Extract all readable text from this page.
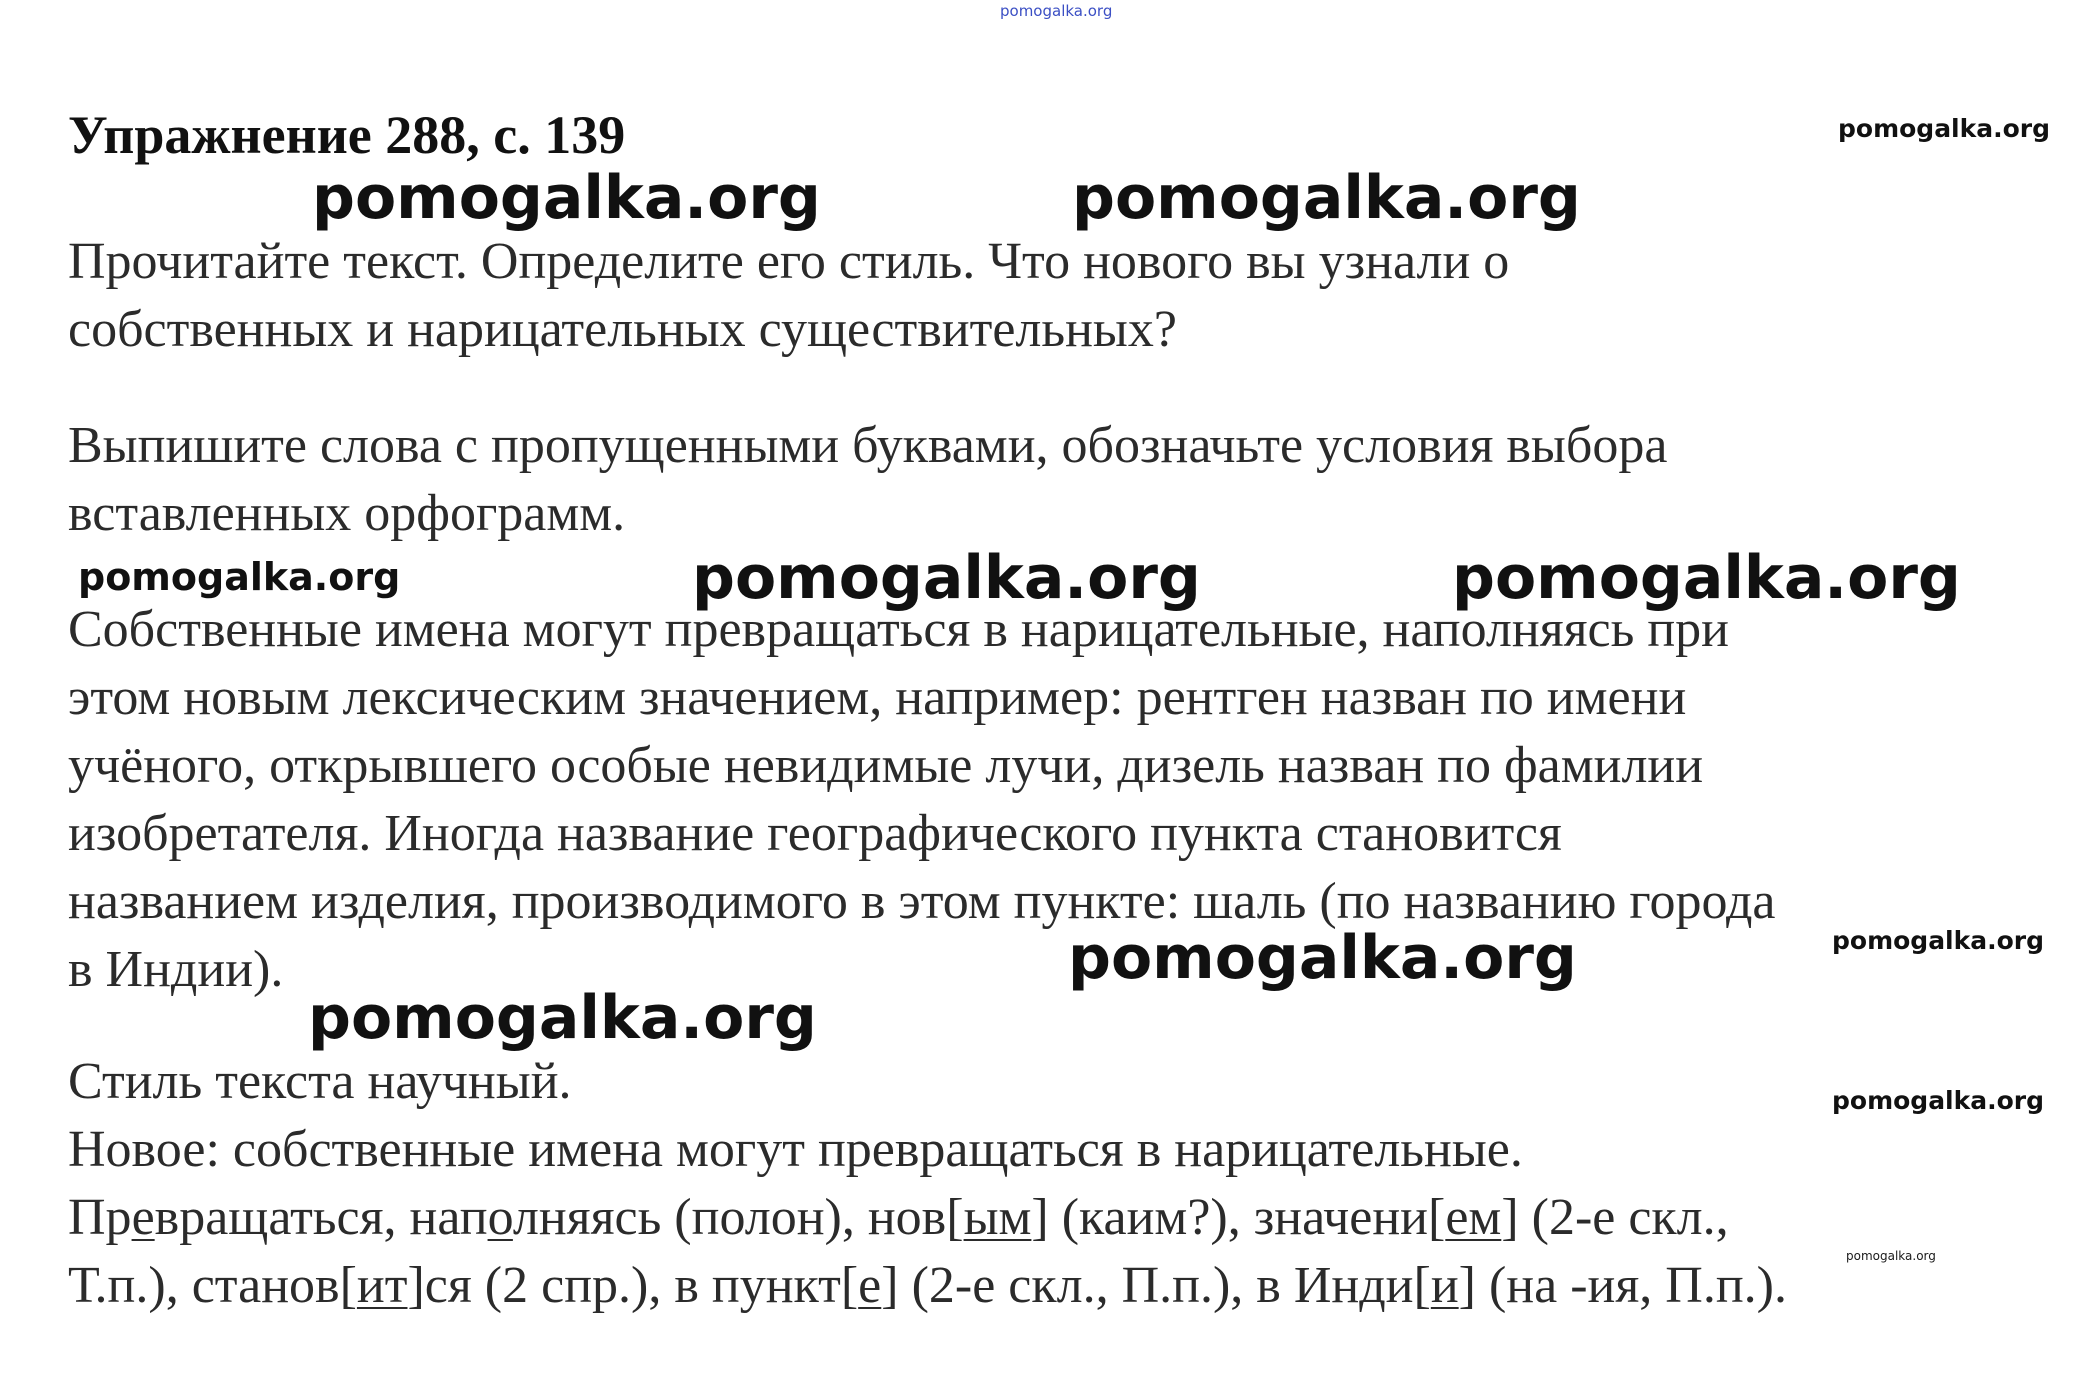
pomogalka.org
Упражнение 288, с. 139	pomogalka.org
pomogalka.org	pomogalka.org
Прочитайте текст. Определите его стиль. Что нового вы узнали о
собственных и нарицательных существительных?
Выпишите слова с пропущенными буквами, обозначьте условия выбора
вставленных орфограмм.
pomogalka.org	pomogalka.org	pomogalka.org
Собственные имена могут превращаться в нарицательные, наполняясь при
этом новым лексическим значением, например: рентген назван по имени
учёного, открывшего особые невидимые лучи, дизель назван по фамилии
изобретателя. Иногда название географического пункта становится
названием изделия, производимого в этом пункте: шаль (по названию города
в Индии).
pomogalka.org
pomogalka.org
pomogalka.org
Стиль текста научный.
Новое: собственные имена могут превращаться в нарицательные.
Превращаться, наполняясь (полон), нов[ым] (каим?), значени[ем] (2-е скл.,
Т.п.), станов[ит]ся (2 спр.), в пункт[е] (2-е скл., П.п.), в Инди[и] (на -ия, П.п.).
pomogalka.org
pomogalka.org
